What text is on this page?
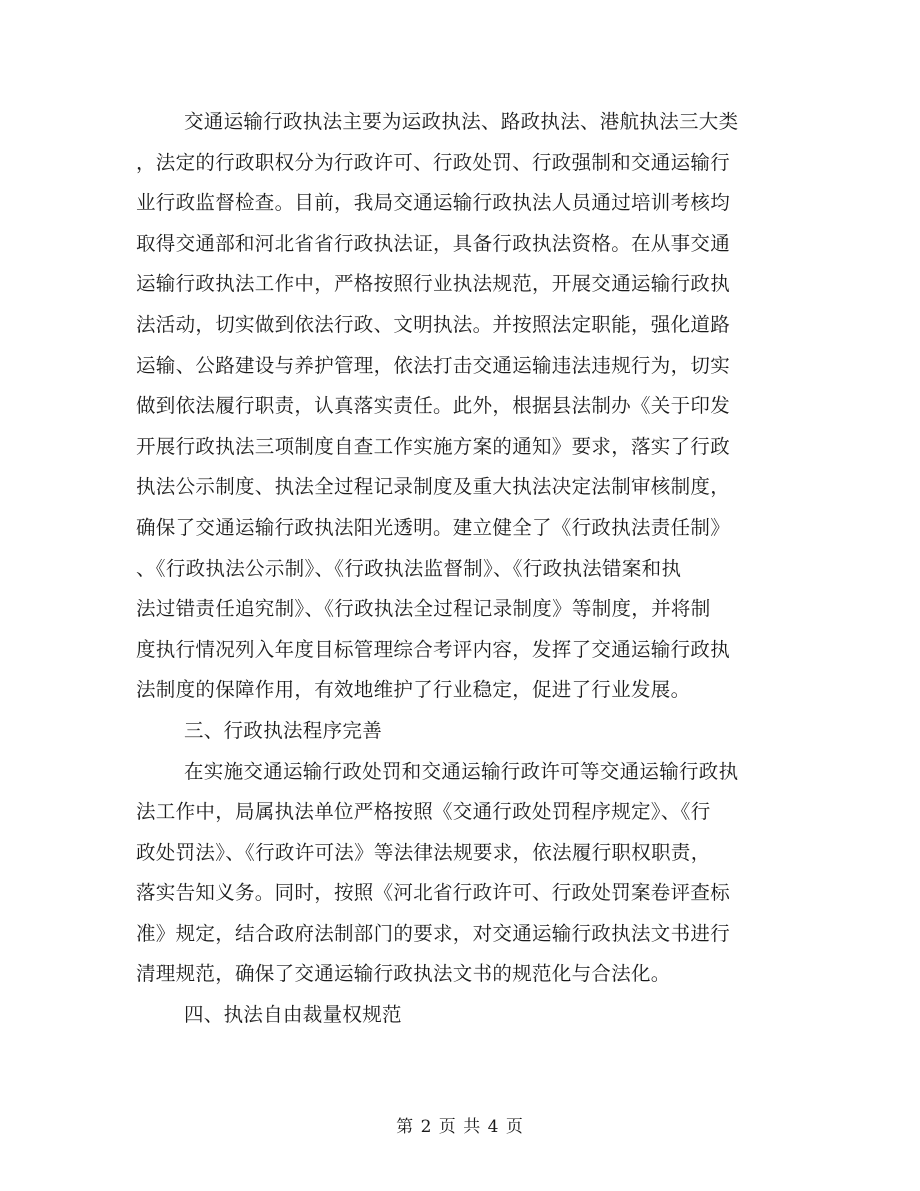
交通运输行政执法主要为运政执法、路政执法、港航执法三大类
，法定的行政职权分为行政许可、行政处罚、行政强制和交通运输行
业行政监督检查。目前，我局交通运输行政执法人员通过培训考核均
取得交通部和河北省省行政执法证，具备行政执法资格。在从事交通
运输行政执法工作中，严格按照行业执法规范，开展交通运输行政执
法活动，切实做到依法行政、文明执法。并按照法定职能，强化道路
运输、公路建设与养护管理，依法打击交通运输违法违规行为，切实
做到依法履行职责，认真落实责任。此外，根据县法制办《关于印发
开展行政执法三项制度自查工作实施方案的通知》要求，落实了行政
执法公示制度、执法全过程记录制度及重大执法决定法制审核制度，
确保了交通运输行政执法阳光透明。建立健全了《行政执法责任制》
、《行政执法公示制》、《行政执法监督制》、《行政执法错案和执
法过错责任追究制》、《行政执法全过程记录制度》等制度，并将制
度执行情况列入年度目标管理综合考评内容，发挥了交通运输行政执
法制度的保障作用，有效地维护了行业稳定，促进了行业发展。
三、行政执法程序完善
在实施交通运输行政处罚和交通运输行政许可等交通运输行政执
法工作中，局属执法单位严格按照《交通行政处罚程序规定》、《行
政处罚法》、《行政许可法》等法律法规要求，依法履行职权职责，
落实告知义务。同时，按照《河北省行政许可、行政处罚案卷评查标
准》规定，结合政府法制部门的要求，对交通运输行政执法文书进行
清理规范，确保了交通运输行政执法文书的规范化与合法化。
四、执法自由裁量权规范
第 2 页 共 4 页
